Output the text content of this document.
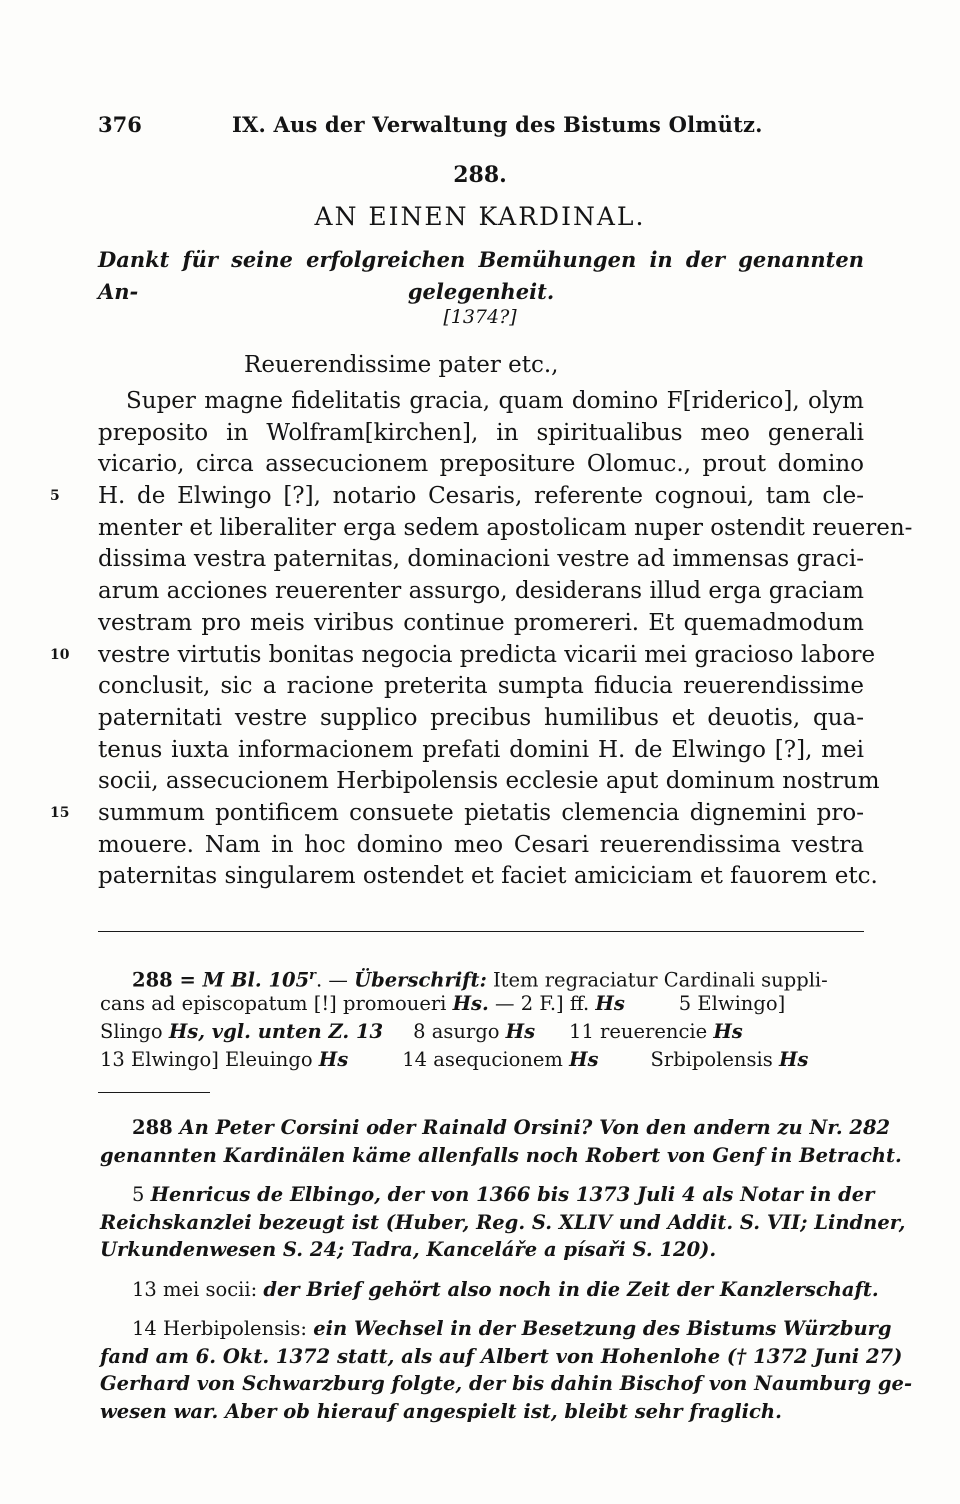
376	IX. Aus der Verwaltung des Bistums Olmütz.
288.
AN EINEN KARDINAL.
Dankt für seine erfolgreichen Bemühungen in der genannten An-	gelegenheit.
[1374?]
Reuerendissime pater etc.,
Super magne fidelitatis gracia, quam domino F[riderico], olym
preposito in Wolfram[kirchen], in spiritualibus meo generali
vicario, circa assecucionem prepositure Olomuc., prout domino
5	H. de Elwingo [?], notario Cesaris, referente cognoui, tam cle-
menter et liberaliter erga sedem apostolicam nuper ostendit reueren-
dissima vestra paternitas, dominacioni vestre ad immensas graci-
arum acciones reuerenter assurgo, desiderans illud erga graciam
vestram pro meis viribus continue promereri. Et quemadmodum
10	vestre virtutis bonitas negocia predicta vicarii mei gracioso labore
conclusit, sic a racione preterita sumpta fiducia reuerendissime
paternitati vestre supplico precibus humilibus et deuotis, qua-
tenus iuxta informacionem prefati domini H. de Elwingo [?], mei
socii, assecucionem Herbipolensis ecclesie aput dominum nostrum
15	summum pontificem consuete pietatis clemencia dignemini pro-
mouere. Nam in hoc domino meo Cesari reuerendissima vestra
paternitas singularem ostendet et faciet amiciciam et fauorem etc.
288 = M Bl. 105$^r$. — Überschrift: Item regraciatur Cardinali suppli-
cans ad episcopatum [!] promoueri Hs. — 2 F.] ff. Hs	5 Elwingo]
Slingo Hs, vgl. unten Z. 13 8 asurgo Hs 11 reuerencie Hs
13 Elwingo] Eleuingo Hs	14 asequcionem Hs	Srbipolensis Hs
288 An Peter Corsini oder Rainald Orsini? Von den andern zu Nr. 282
genannten Kardinälen käme allenfalls noch Robert von Genf in Betracht.
5 Henricus de Elbingo, der von 1366 bis 1373 Juli 4 als Notar in der
Reichskanzlei bezeugt ist (Huber, Reg. S. XLIV und Addit. S. VII; Lindner,
Urkundenwesen S. 24; Tadra, Kanceláře a písaři S. 120).
13 mei socii: der Brief gehört also noch in die Zeit der Kanzlerschaft.
14 Herbipolensis: ein Wechsel in der Besetzung des Bistums Würzburg
fand am 6. Okt. 1372 statt, als auf Albert von Hohenlohe († 1372 Juni 27)
Gerhard von Schwarzburg folgte, der bis dahin Bischof von Naumburg ge-
wesen war. Aber ob hierauf angespielt ist, bleibt sehr fraglich.
